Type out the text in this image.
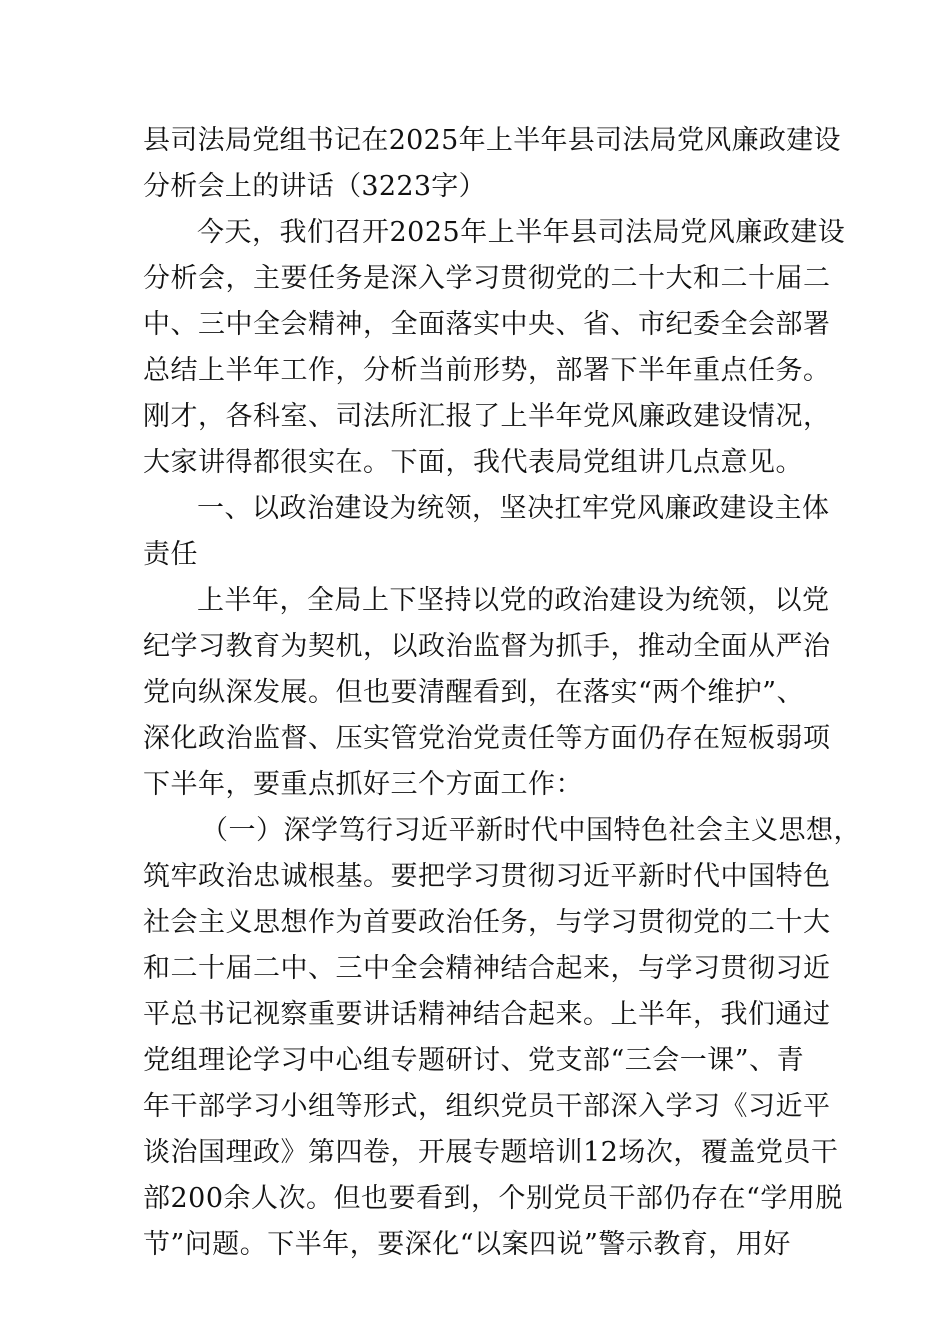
县司法局党组书记在2025年上半年县司法局党风廉政建设
分析会上的讲话（3223字）
今天，我们召开2025年上半年县司法局党风廉政建设
分析会，主要任务是深入学习贯彻党的二十大和二十届二
中、三中全会精神，全面落实中央、省、市纪委全会部署
总结上半年工作，分析当前形势，部署下半年重点任务。
刚才，各科室、司法所汇报了上半年党风廉政建设情况，
大家讲得都很实在。下面，我代表局党组讲几点意见。
一、以政治建设为统领，坚决扛牢党风廉政建设主体
责任
上半年，全局上下坚持以党的政治建设为统领，以党
纪学习教育为契机，以政治监督为抓手，推动全面从严治
党向纵深发展。但也要清醒看到，在落实“两个维护”、
深化政治监督、压实管党治党责任等方面仍存在短板弱项
下半年，要重点抓好三个方面工作：
（一）深学笃行习近平新时代中国特色社会主义思想，
筑牢政治忠诚根基。要把学习贯彻习近平新时代中国特色
社会主义思想作为首要政治任务，与学习贯彻党的二十大
和二十届二中、三中全会精神结合起来，与学习贯彻习近
平总书记视察重要讲话精神结合起来。上半年，我们通过
党组理论学习中心组专题研讨、党支部“三会一课”、青
年干部学习小组等形式，组织党员干部深入学习《习近平
谈治国理政》第四卷，开展专题培训12场次，覆盖党员干
部200余人次。但也要看到，个别党员干部仍存在“学用脱
节”问题。下半年，要深化“以案四说”警示教育，用好
